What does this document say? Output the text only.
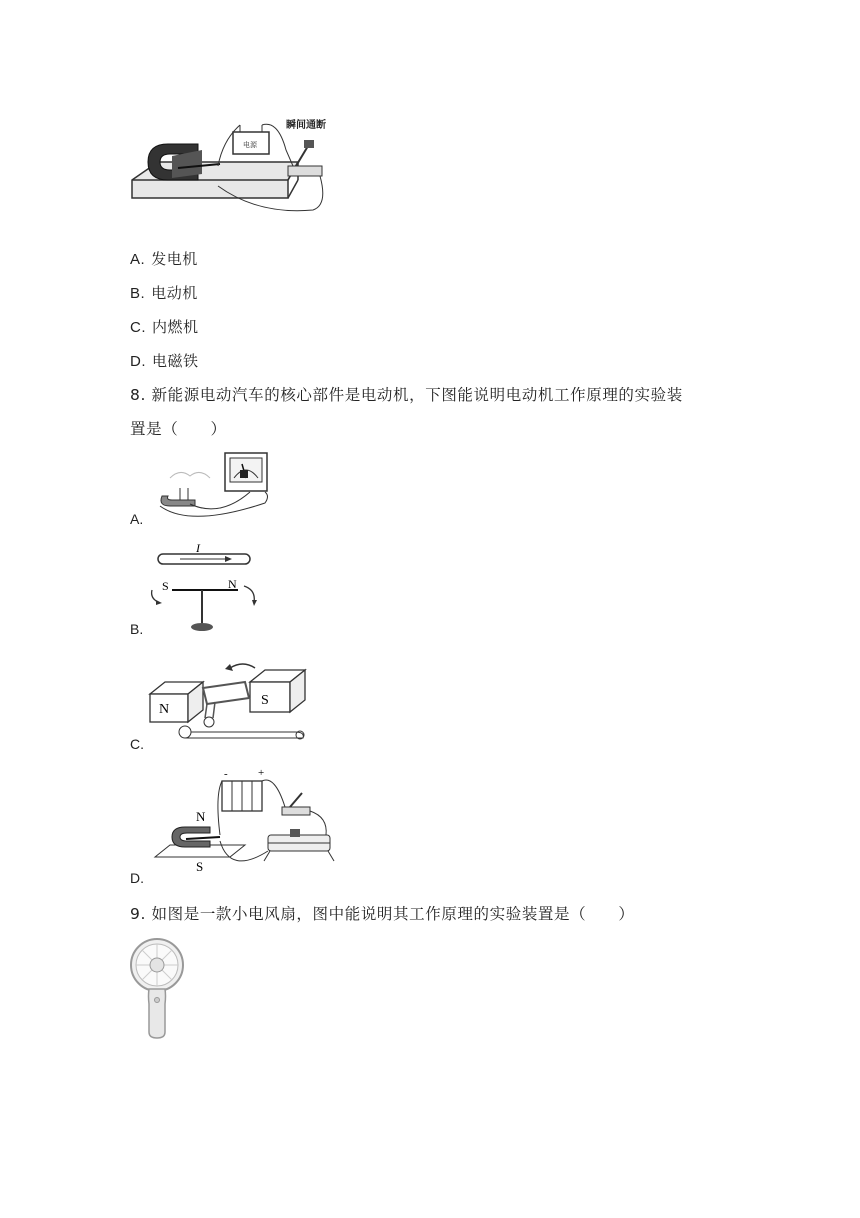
电源
瞬间通断
A. 发电机
B. 电动机
C. 内燃机
D. 电磁铁
8. 新能源电动汽车的核心部件是电动机，下图能说明电动机工作原理的实验装
置是（　　）
A.
I
S	N
B.
N
S
C.
-	+
N
S
D.
9. 如图是一款小电风扇，图中能说明其工作原理的实验装置是（　　）
